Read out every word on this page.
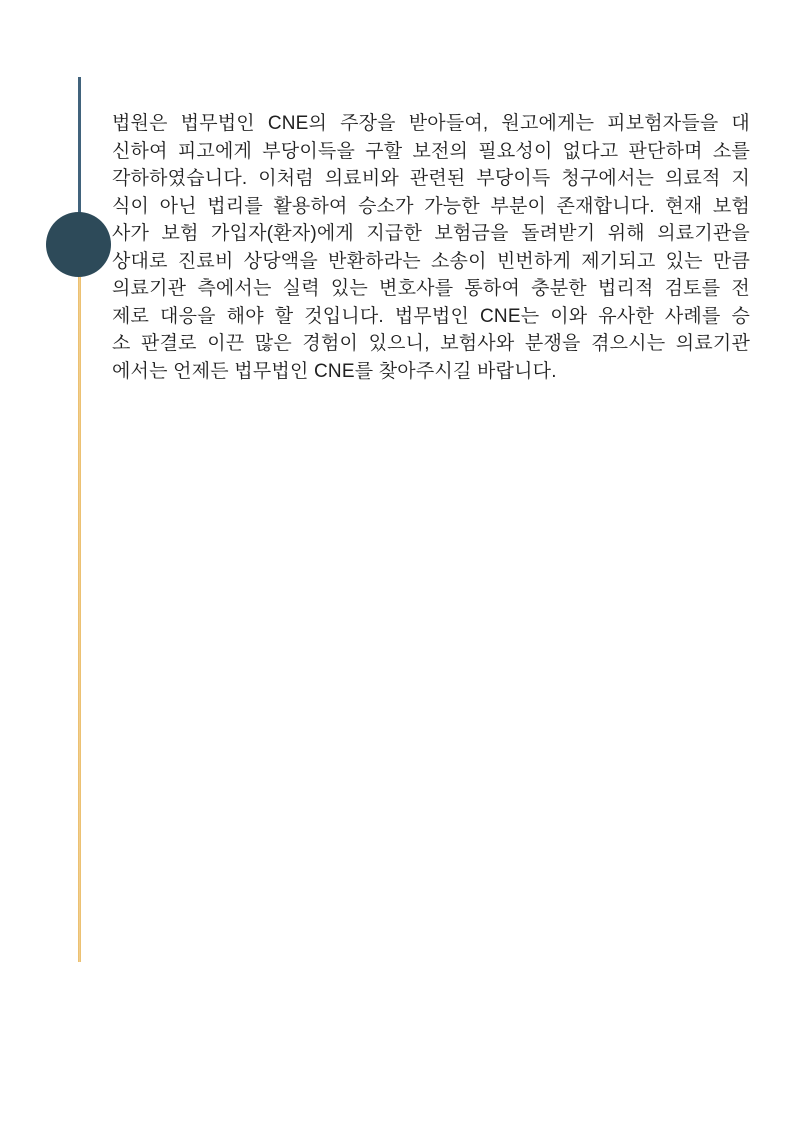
법원은 법무법인 CNE의 주장을 받아들여, 원고에게는 피보험자들을 대
신하여 피고에게 부당이득을 구할 보전의 필요성이 없다고 판단하며 소를
각하하였습니다. 이처럼 의료비와 관련된 부당이득 청구에서는 의료적 지
식이 아닌 법리를 활용하여 승소가 가능한 부분이 존재합니다. 현재 보험
사가 보험 가입자(환자)에게 지급한 보험금을 돌려받기 위해 의료기관을
상대로 진료비 상당액을 반환하라는 소송이 빈번하게 제기되고 있는 만큼
의료기관 측에서는 실력 있는 변호사를 통하여 충분한 법리적 검토를 전
제로 대응을 해야 할 것입니다. 법무법인 CNE는 이와 유사한 사례를 승
소 판결로 이끈 많은 경험이 있으니, 보험사와 분쟁을 겪으시는 의료기관
에서는 언제든 법무법인 CNE를 찾아주시길 바랍니다.
